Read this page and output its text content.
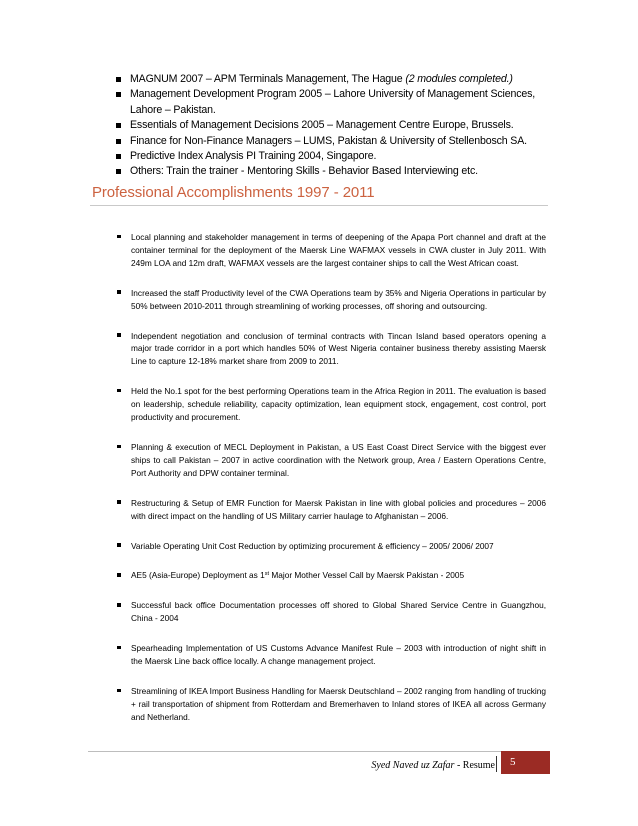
MAGNUM 2007 – APM Terminals Management, The Hague (2 modules completed.)
Management Development Program 2005 – Lahore University of Management Sciences, Lahore – Pakistan.
Essentials of Management Decisions 2005 – Management Centre Europe, Brussels.
Finance for Non-Finance Managers – LUMS, Pakistan & University of Stellenbosch SA.
Predictive Index Analysis PI Training 2004, Singapore.
Others: Train the trainer - Mentoring Skills - Behavior Based Interviewing etc.
Professional Accomplishments 1997 - 2011
Local planning and stakeholder management in terms of deepening of the Apapa Port channel and draft at the container terminal for the deployment of the Maersk Line WAFMAX vessels in CWA cluster in July 2011. With 249m LOA and 12m draft, WAFMAX vessels are the largest container ships to call the West African coast.
Increased the staff Productivity level of the CWA Operations team by 35% and Nigeria Operations in particular by 50% between 2010-2011 through streamlining of working processes, off shoring and outsourcing.
Independent negotiation and conclusion of terminal contracts with Tincan Island based operators opening a major trade corridor in a port which handles 50% of West Nigeria container business thereby assisting Maersk Line to capture 12-18% market share from 2009 to 2011.
Held the No.1 spot for the best performing Operations team in the Africa Region in 2011. The evaluation is based on leadership, schedule reliability, capacity optimization, lean equipment stock, engagement, cost control, port productivity and procurement.
Planning & execution of MECL Deployment in Pakistan, a US East Coast Direct Service with the biggest ever ships to call Pakistan – 2007 in active coordination with the Network group, Area / Eastern Operations Centre, Port Authority and DPW container terminal.
Restructuring & Setup of EMR Function for Maersk Pakistan in line with global policies and procedures – 2006 with direct impact on the handling of US Military carrier haulage to Afghanistan – 2006.
Variable Operating Unit Cost Reduction by optimizing procurement & efficiency – 2005/ 2006/ 2007
AE5 (Asia-Europe) Deployment as 1st Major Mother Vessel Call by Maersk Pakistan - 2005
Successful back office Documentation processes off shored to Global Shared Service Centre in Guangzhou, China - 2004
Spearheading Implementation of US Customs Advance Manifest Rule – 2003 with introduction of night shift in the Maersk Line back office locally. A change management project.
Streamlining of IKEA Import Business Handling for Maersk Deutschland – 2002 ranging from handling of trucking + rail transportation of shipment from Rotterdam and Bremerhaven to Inland stores of IKEA all across Germany and Netherland.
Syed Naved uz Zafar - Resume	5
